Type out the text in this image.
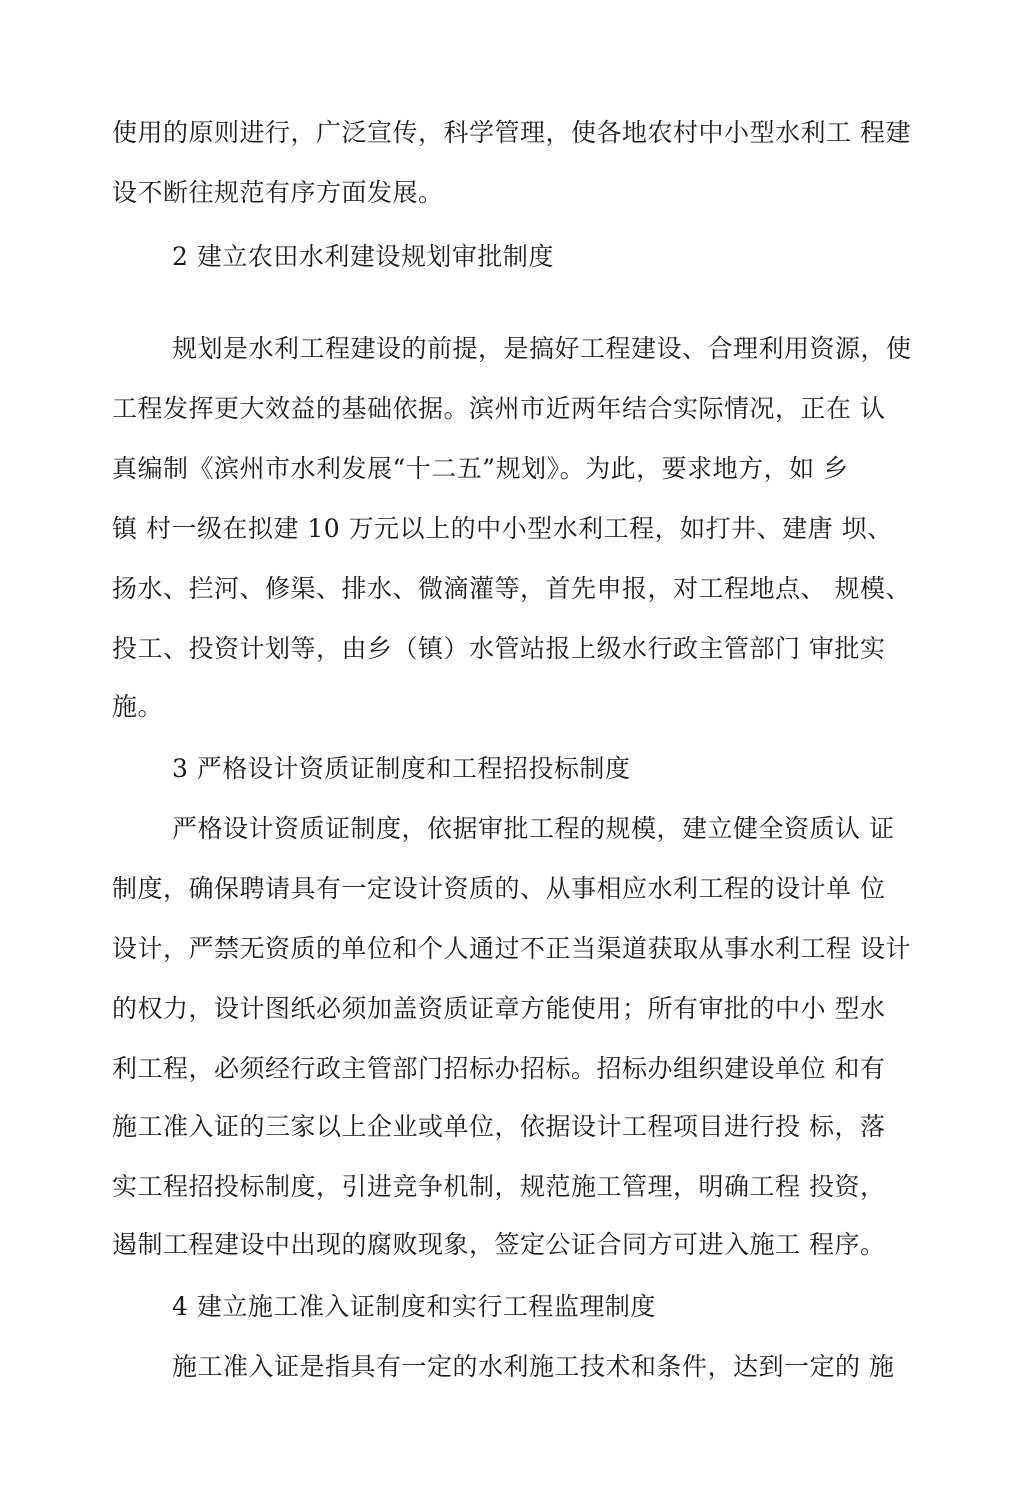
使用的原则进行，广泛宣传，科学管理，使各地农村中小型水利工 程建
设不断往规范有序方面发展。
2 建立农田水利建设规划审批制度
规划是水利工程建设的前提，是搞好工程建设、合理利用资源，使
工程发挥更大效益的基础依据。滨州市近两年结合实际情况，正在 认
真编制《滨州市水利发展“十二五”规划》。为此，要求地方，如 乡
镇 村一级在拟建 10 万元以上的中小型水利工程，如打井、建唐 坝、
扬水、拦河、修渠、排水、微滴灌等，首先申报，对工程地点、 规模、
投工、投资计划等，由乡（镇）水管站报上级水行政主管部门 审批实
施。
3 严格设计资质证制度和工程招投标制度
严格设计资质证制度，依据审批工程的规模，建立健全资质认 证
制度，确保聘请具有一定设计资质的、从事相应水利工程的设计单 位
设计，严禁无资质的单位和个人通过不正当渠道获取从事水利工程 设计
的权力，设计图纸必须加盖资质证章方能使用；所有审批的中小 型水
利工程，必须经行政主管部门招标办招标。招标办组织建设单位 和有
施工准入证的三家以上企业或单位，依据设计工程项目进行投 标，落
实工程招投标制度，引进竞争机制，规范施工管理，明确工程 投资，
遏制工程建设中出现的腐败现象，签定公证合同方可进入施工 程序。
4 建立施工准入证制度和实行工程监理制度
施工准入证是指具有一定的水利施工技术和条件，达到一定的 施
